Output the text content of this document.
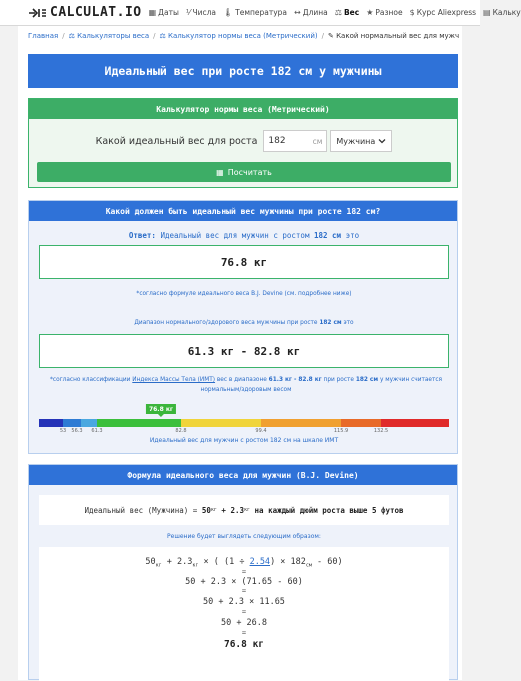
CALCULAT.IO ▦ Даты ⅟ Числа 🌡︎ Температура ↔ Длина ⚖ Вес ★ Разное $ Курс Aliexpress ▤ Кальку
Главная / ⚖︎ Калькуляторы веса / ⚖︎ Калькулятор нормы веса (Метрический) / ✎ Какой нормальный вес для мужч
Идеальный вес при росте 182 см у мужчины
Калькулятор нормы веса (Метрический)
Какой идеальный вес для роста 182	см Мужчина
▦ Посчитать
Какой должен быть идеальный вес мужчины при росте 182 см?
Ответ: Идеальный вес для мужчин с ростом 182 см это
76.8 кг
*согласно формуле идеального веса B.J. Devine (см. подробнее ниже)
Диапазон нормального/здорового веса мужчины при росте 182 см это
61.3 кг - 82.8 кг
*согласно классификации Индекса Массы Тела (ИМТ) вес в диапазоне 61.3 кг - 82.8 кг при росте 182 см у мужчин считается нормальным/здоровым весом
76.8 кг
53 56.3 61.3	82.8	99.4	115.9	132.5
Идеальный вес для мужчин с ростом 182 см на шкале ИМТ
Формула идеального веса для мужчин (B.J. Devine)
Идеальный вес (Мужчина) =
50 кг
+ 2.3 кг
на каждый дюйм роста выше 5 футов
Решение будет выглядеть следующим образом:
$50_{кг} + 2.3_{кг}$ × ( $(1 \div 2.54) \times 182_{см} - 60$)
=
50 + 2.3 × (71.65 - 60)
=
50 + 2.3 × 11.65
=
50 + 26.8
=
76.8 кг
